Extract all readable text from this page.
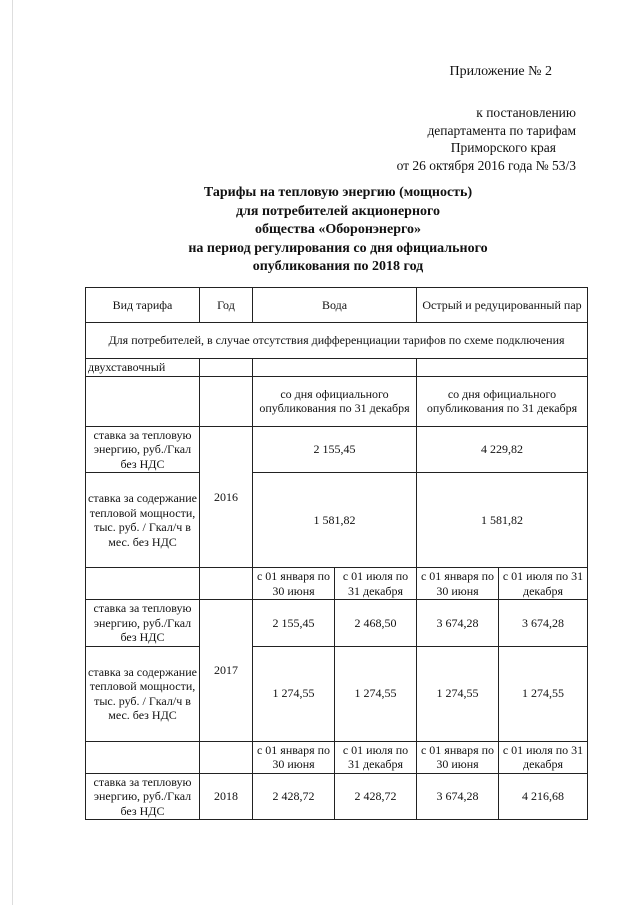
Приложение № 2
к постановлению
департамента по тарифам
Приморского края
от 26 октября 2016 года № 53/3
Тарифы на тепловую энергию (мощность)
для потребителей акционерного
общества «Оборонэнерго»
на период регулирования со дня официального
опубликования по 2018 год
Вид тарифа	Год	Вода		Острый и редуцированный пар	
Для потребителей, в случае отсутствия дифференциации тарифов по схеме подключения					
двухставочный					
		со дня официального опубликования по 31 декабря		со дня официального опубликования по 31 декабря	
ставка за тепловую энергию, руб./Гкал без НДС	2016	2 155,45		4 229,82	
ставка за содержание тепловой мощности, тыс. руб. / Гкал/ч в мес. без НДС		1 581,82		1 581,82	
		с 01 января по 30 июня	с 01 июля по 31 декабря	с 01 января по 30 июня	с 01 июля по 31 декабря
ставка за тепловую энергию, руб./Гкал без НДС	2017	2 155,45	2 468,50	3 674,28	3 674,28
ставка за содержание тепловой мощности, тыс. руб. / Гкал/ч в мес. без НДС		1 274,55	1 274,55	1 274,55	1 274,55
		с 01 января по 30 июня	с 01 июля по 31 декабря	с 01 января по 30 июня	с 01 июля по 31 декабря
ставка за тепловую энергию, руб./Гкал без НДС	2018	2 428,72	2 428,72	3 674,28	4 216,68
